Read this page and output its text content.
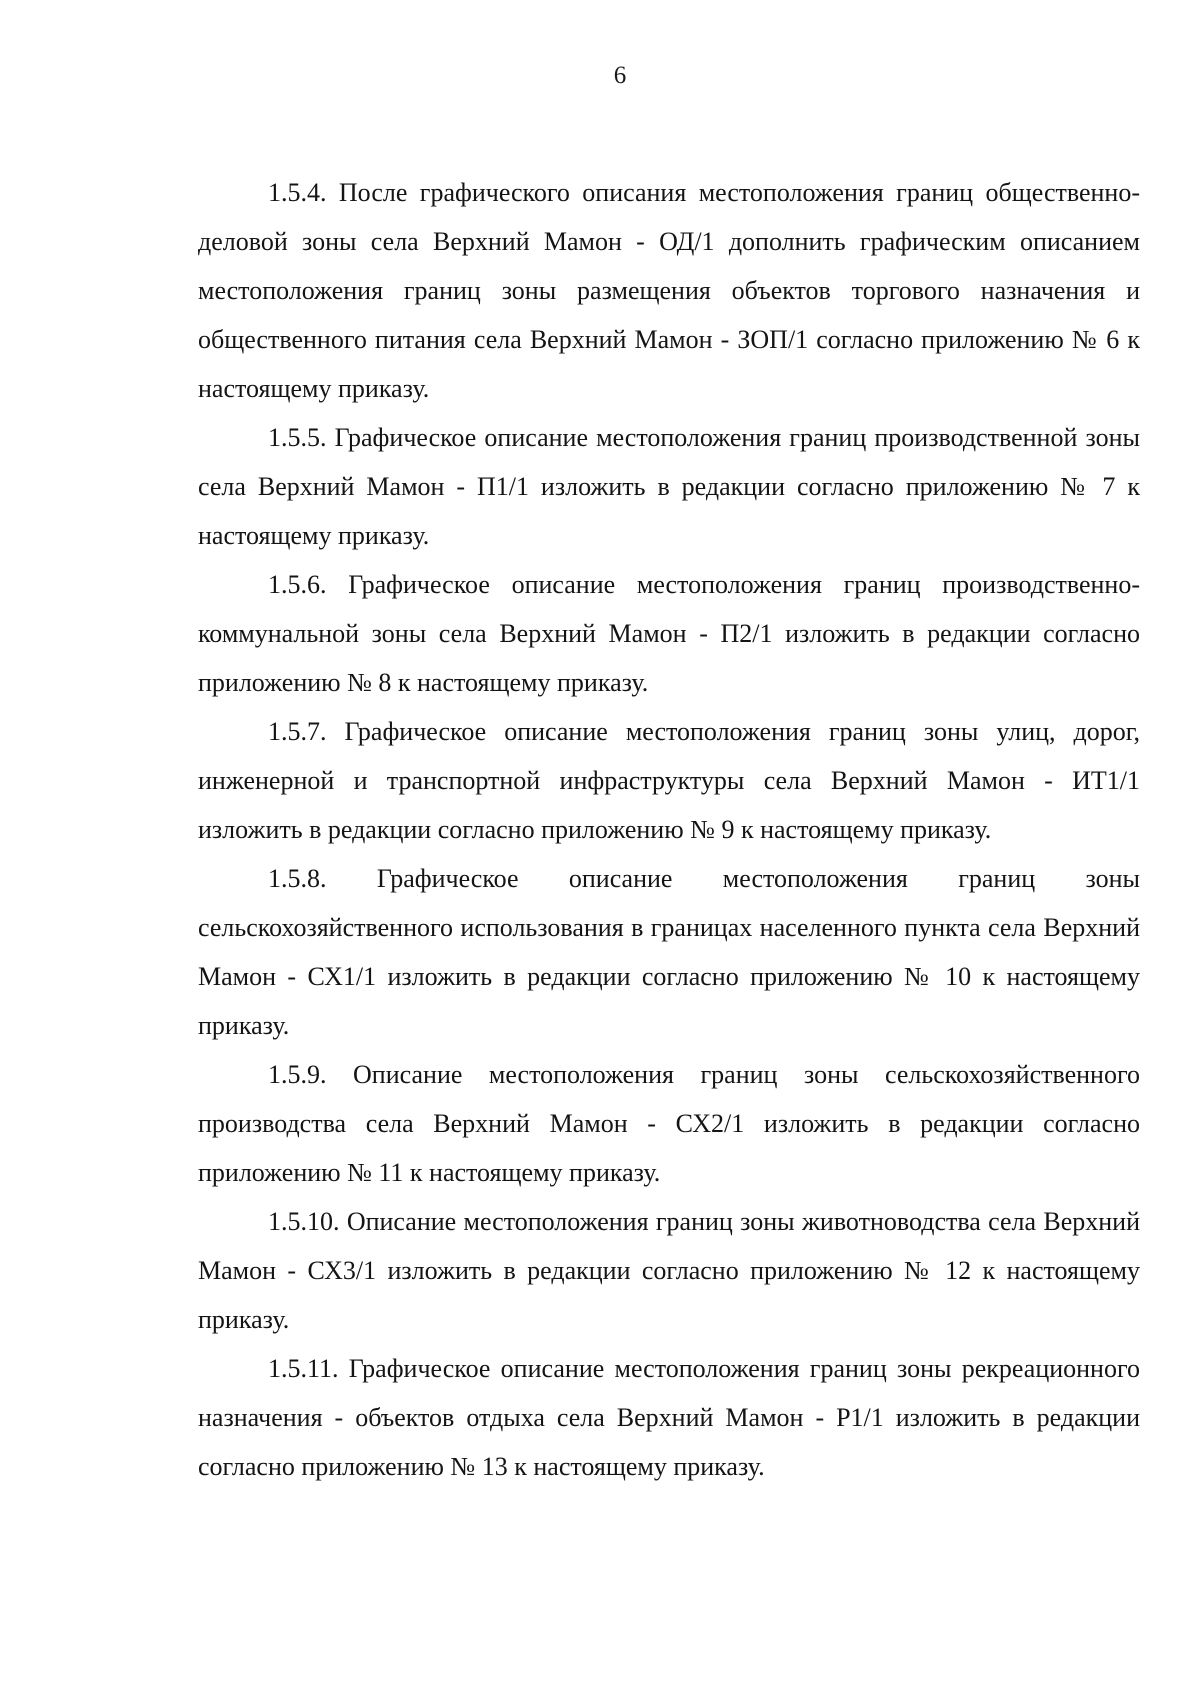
6

1.5.4. После графического описания местоположения границ общественно-деловой зоны села Верхний Мамон - ОД/1 дополнить графическим описанием местоположения границ зоны размещения объектов торгового назначения и общественного питания села Верхний Мамон - ЗОП/1 согласно приложению № 6 к настоящему приказу.

1.5.5. Графическое описание местоположения границ производственной зоны села Верхний Мамон - П1/1 изложить в редакции согласно приложению № 7 к настоящему приказу.

1.5.6. Графическое описание местоположения границ производственно-коммунальной зоны села Верхний Мамон - П2/1 изложить в редакции согласно приложению № 8 к настоящему приказу.

1.5.7. Графическое описание местоположения границ зоны улиц, дорог, инженерной и транспортной инфраструктуры села Верхний Мамон - ИТ1/1 изложить в редакции согласно приложению № 9 к настоящему приказу.

1.5.8. Графическое описание местоположения границ зоны сельскохозяйственного использования в границах населенного пункта села Верхний Мамон - СХ1/1 изложить в редакции согласно приложению № 10 к настоящему приказу.

1.5.9. Описание местоположения границ зоны сельскохозяйственного производства села Верхний Мамон - СХ2/1 изложить в редакции согласно приложению № 11 к настоящему приказу.

1.5.10. Описание местоположения границ зоны животноводства села Верхний Мамон - СХ3/1 изложить в редакции согласно приложению № 12 к настоящему приказу.

1.5.11. Графическое описание местоположения границ зоны рекреационного назначения - объектов отдыха села Верхний Мамон - Р1/1 изложить в редакции согласно приложению № 13 к настоящему приказу.
